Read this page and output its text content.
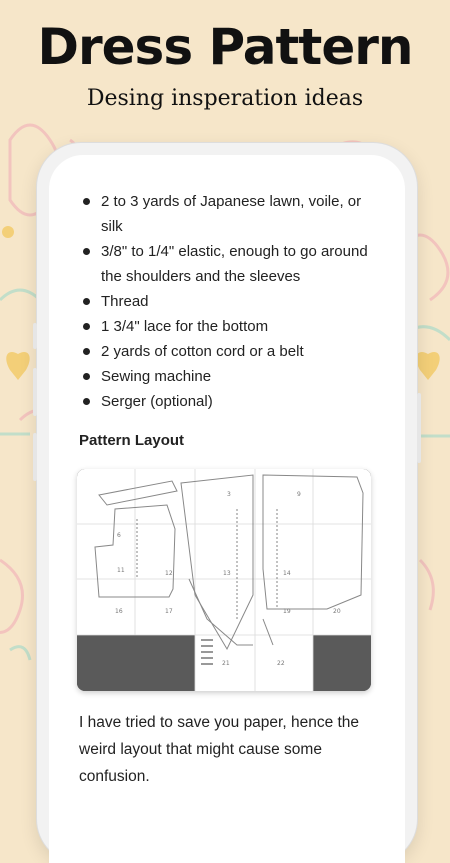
Dress Pattern
Desing insperation ideas
2 to 3 yards of Japanese lawn, voile, or silk
3/8" to 1/4" elastic, enough to go around the shoulders and the sleeves
Thread
1 3/4" lace for the bottom
2 yards of cotton cord or a belt
Sewing machine
Serger (optional)
Pattern Layout
3
6
9
11	12	13	14
16	17	19	20
21	22
I have tried to save you paper, hence the weird layout that might cause some confusion.
